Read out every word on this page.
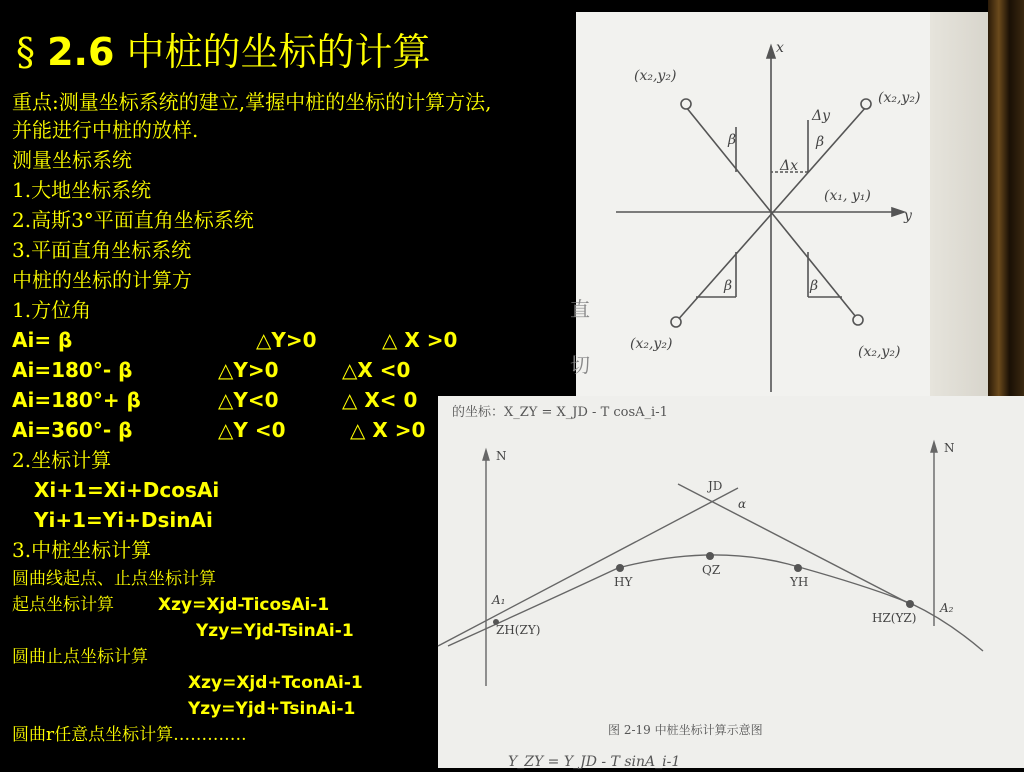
§ 2.6 中桩的坐标的计算
重点:测量坐标系统的建立,掌握中桩的坐标的计算方法,
并能进行中桩的放样.
测量坐标系统
1.大地坐标系统
2.高斯3°平面直角坐标系统
3.平面直角坐标系统
中桩的坐标的计算方
1.方位角
Ai= β	△Y>0	△ X >0
Ai=180°- β	△Y>0	△X <0
Ai=180°+ β	△Y<0	△ X< 0
Ai=360°- β	△Y <0	△ X >0
2.坐标计算
Xi+1=Xi+DcosAi
Yi+1=Yi+DsinAi
3.中桩坐标计算
圆曲线起点、止点坐标计算
起点坐标计算	Xzy=Xjd-TicosAi-1
Yzy=Yjd-TsinAi-1
圆曲止点坐标计算
Xzy=Xjd+TconAi-1
Yzy=Yjd+TsinAi-1
圆曲r任意点坐标计算………….
x
y
(x₂,y₂)
(x₂,y₂)
(x₂,y₂)	(x₂,y₂)
(x₁, y₁)
β	β
β	β
Δy
Δx
直
切
的坐标：X_ZY = X_JD - T cosA_i-1
N
N
JD
α
HY
QZ
YH
ZH(ZY)
HZ(YZ)
A₁
A₂
图 2-19 中桩坐标计算示意图
Y_ZY = Y_JD - T sinA_i-1
